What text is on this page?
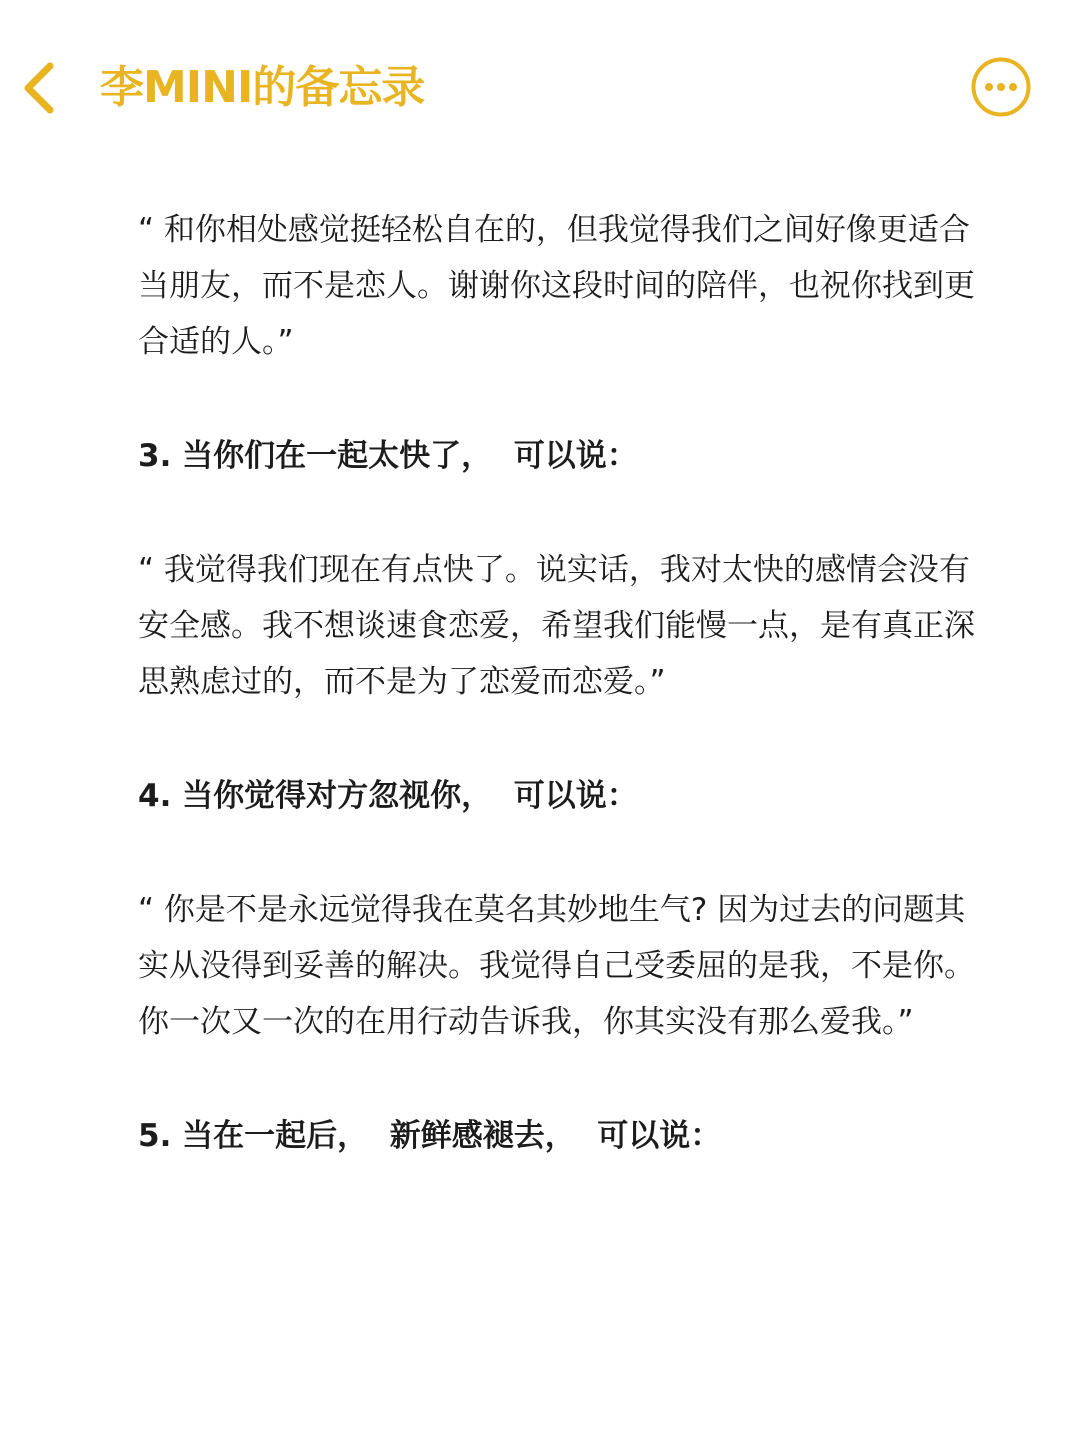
李MINI的备忘录

“ 和你相处感觉挺轻松自在的，但我觉得我们之间好像更适合当朋友，而不是恋人。谢谢你这段时间的陪伴，也祝你找到更合适的人。”

3. 当你们在一起太快了，  可以说：

“ 我觉得我们现在有点快了。说实话，我对太快的感情会没有安全感。我不想谈速食恋爱，希望我们能慢一点，是有真正深思熟虑过的，而不是为了恋爱而恋爱。”

4. 当你觉得对方忽视你，  可以说：

“ 你是不是永远觉得我在莫名其妙地生气? 因为过去的问题其实从没得到妥善的解决。我觉得自己受委屈的是我，不是你。你一次又一次的在用行动告诉我，你其实没有那么爱我。”

5. 当在一起后，  新鲜感褪去，  可以说：
